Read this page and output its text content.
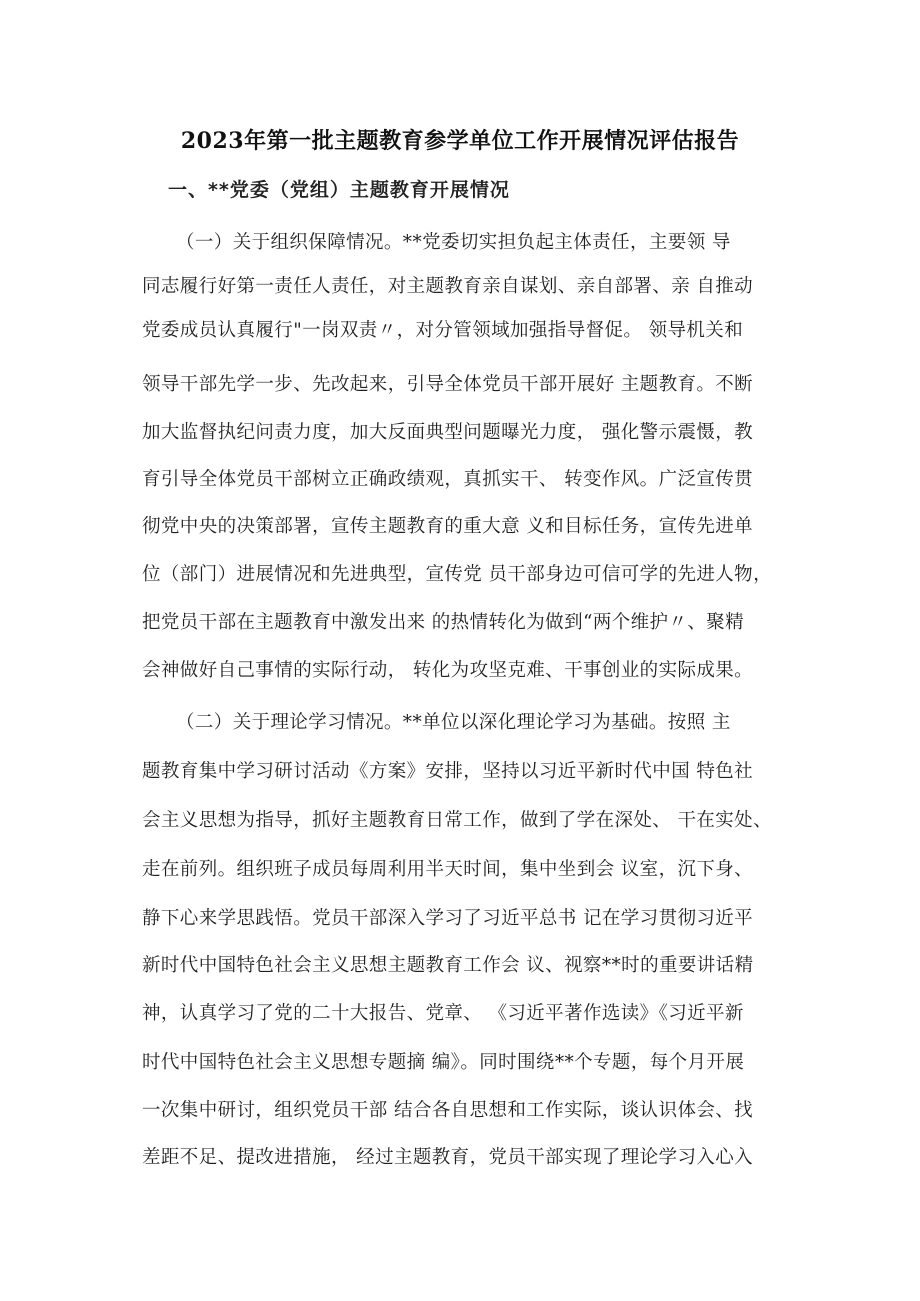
2023年第一批主题教育参学单位工作开展情况评估报告
一、**党委（党组）主题教育开展情况
（一）关于组织保障情况。**党委切实担负起主体责任，主要领 导
同志履行好第一责任人责任，对主题教育亲自谋划、亲自部署、亲 自推动
党委成员认真履行"一岗双责〃，对分管领域加强指导督促。 领导机关和
领导干部先学一步、先改起来，引导全体党员干部开展好 主题教育。不断
加大监督执纪问责力度，加大反面典型问题曝光力度， 强化警示震慑，教
育引导全体党员干部树立正确政绩观，真抓实干、 转变作风。广泛宣传贯
彻党中央的决策部署，宣传主题教育的重大意 义和目标任务，宣传先进单
位（部门）进展情况和先进典型，宣传党 员干部身边可信可学的先进人物，
把党员干部在主题教育中激发出来 的热情转化为做到“两个维护〃、聚精
会神做好自己事情的实际行动， 转化为攻坚克难、干事创业的实际成果。
（二）关于理论学习情况。**单位以深化理论学习为基础。按照 主
题教育集中学习研讨活动《方案》安排，坚持以习近平新时代中国 特色社
会主义思想为指导，抓好主题教育日常工作，做到了学在深处、 干在实处、
走在前列。组织班子成员每周利用半天时间，集中坐到会 议室，沉下身、
静下心来学思践悟。党员干部深入学习了习近平总书 记在学习贯彻习近平
新时代中国特色社会主义思想主题教育工作会 议、视察**时的重要讲话精
神，认真学习了党的二十大报告、党章、 《习近平著作选读》《习近平新
时代中国特色社会主义思想专题摘 编》。同时围绕**个专题，每个月开展
一次集中研讨，组织党员干部 结合各自思想和工作实际，谈认识体会、找
差距不足、提改进措施， 经过主题教育，党员干部实现了理论学习入心入
